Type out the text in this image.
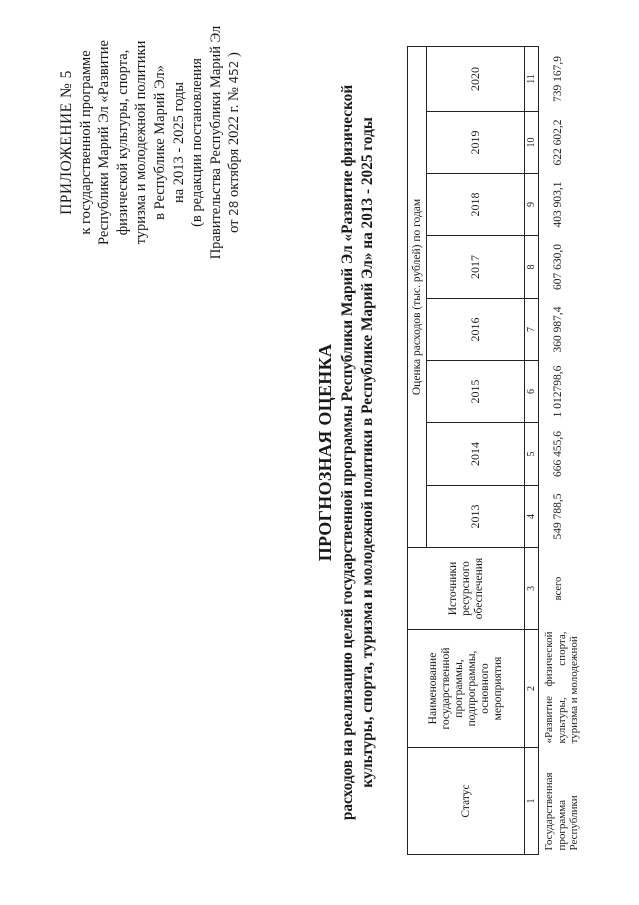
ПРИЛОЖЕНИЕ № 5 к государственной программе Республики Марий Эл «Развитие физической культуры, спорта, туризма и молодежной политики в Республике Марий Эл» на 2013 - 2025 годы (в редакции постановления Правительства Республики Марий Эл от 28 октября 2022 г. № 452 )
ПРОГНОЗНАЯ ОЦЕНКА расходов на реализацию целей государственной программы Республики Марий Эл «Развитие физической культуры, спорта, туризма и молодежной политики в Республике Марий Эл» на 2013 - 2025 годы
Статус	Наименование государственной программы, подпрограммы, основного мероприятия	Источники ресурсного обеспечения	Оценка расходов (тыс. рублей) по годам							
			2013	2014	2015	2016	2017	2018	2019	2020
1	2	3	4	5	6	7	8	9	10	11
Государственная программа Республики	«Развитие физической культуры, спорта, туризма и молодежной	всего	549 788,5	666 455,6	1 012798,6	360 987,4	607 630,0	403 903,1	622 602,2	739 167,9
